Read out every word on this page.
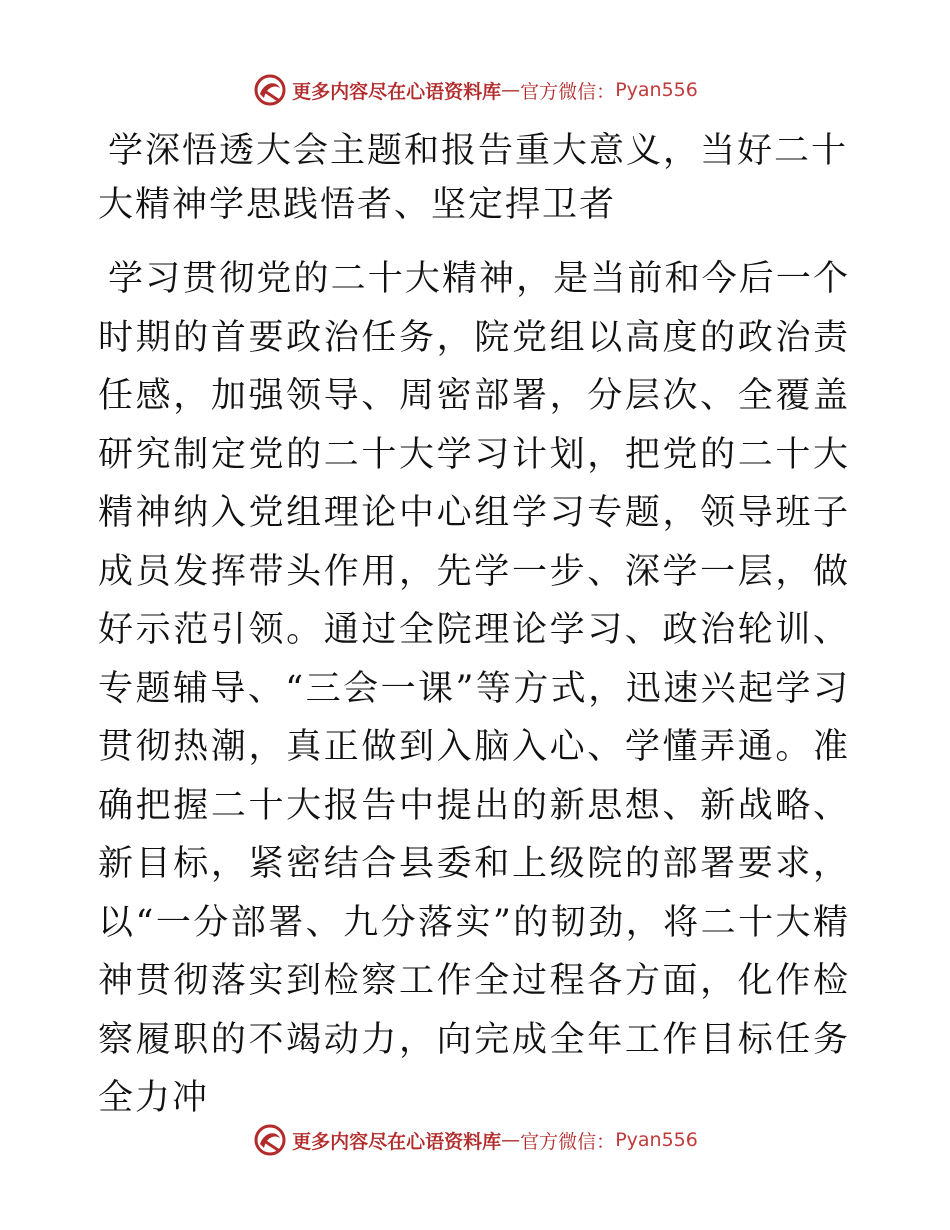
更多内容尽在心语资料库 — 官方微信： Pyan556
学深悟透大会主题和报告重大意义，当好二十大精神学思践悟者、坚定捍卫者

学习贯彻党的二十大精神，是当前和今后一个时期的首要政治任务，院党组以高度的政治责任感，加强领导、周密部署，分层次、全覆盖研究制定党的二十大学习计划，把党的二十大精神纳入党组理论中心组学习专题，领导班子成员发挥带头作用，先学一步、深学一层，做好示范引领。通过全院理论学习、政治轮训、专题辅导、“三会一课”等方式，迅速兴起学习贯彻热潮，真正做到入脑入心、学懂弄通。准确把握二十大报告中提出的新思想、新战略、新目标，紧密结合县委和上级院的部署要求，以“一分部署、九分落实”的韧劲，将二十大精神贯彻落实到检察工作全过程各方面，化作检察履职的不竭动力，向完成全年工作目标任务全力冲

更多内容尽在心语资料库 — 官方微信： Pyan556
